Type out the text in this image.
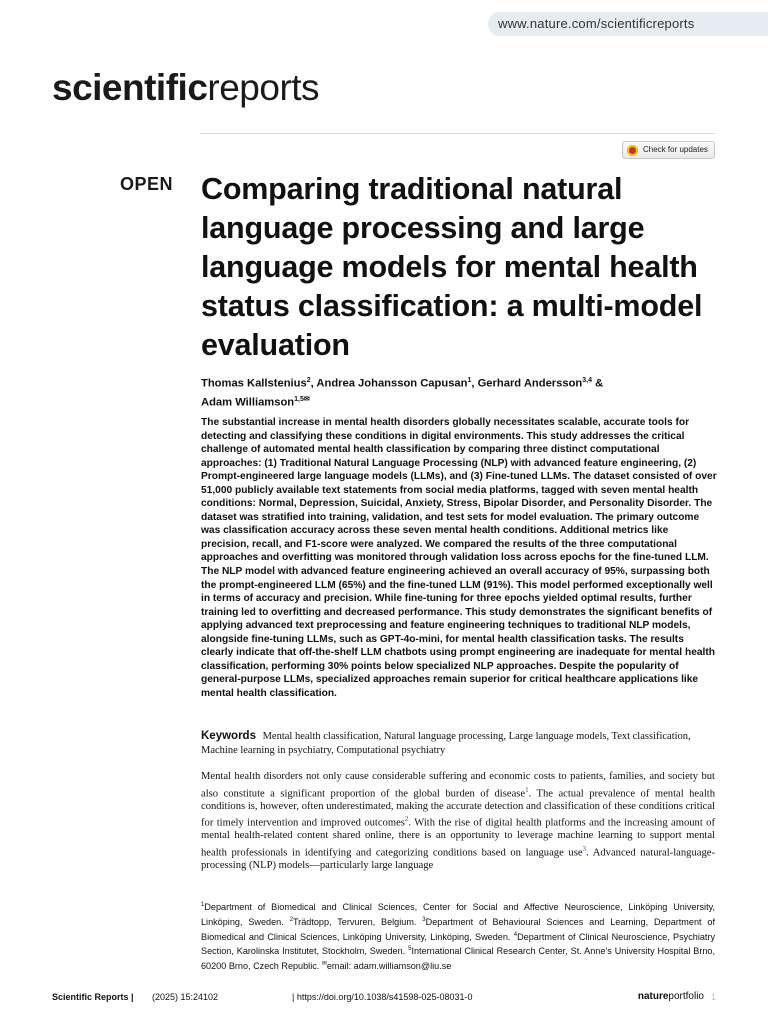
www.nature.com/scientificreports
scientificreports
Check for updates
OPEN Comparing traditional natural language processing and large language models for mental health status classification: a multi-model evaluation
Thomas Kallstenius$^2$, Andrea Johansson Capusan$^1$, Gerhard Andersson$^{3,4}$ &
Adam Williamson$^{1,5✉}$

The substantial increase in mental health disorders globally necessitates scalable, accurate tools for detecting and classifying these conditions in digital environments. This study addresses the critical challenge of automated mental health classification by comparing three distinct computational approaches: (1) Traditional Natural Language Processing (NLP) with advanced feature engineering, (2) Prompt-engineered large language models (LLMs), and (3) Fine-tuned LLMs. The dataset consisted of over 51,000 publicly available text statements from social media platforms, tagged with seven mental health conditions: Normal, Depression, Suicidal, Anxiety, Stress, Bipolar Disorder, and Personality Disorder. The dataset was stratified into training, validation, and test sets for model evaluation. The primary outcome was classification accuracy across these seven mental health conditions. Additional metrics like precision, recall, and F1-score were analyzed. We compared the results of the three computational approaches and overfitting was monitored through validation loss across epochs for the fine-tuned LLM. The NLP model with advanced feature engineering achieved an overall accuracy of 95%, surpassing both the prompt-engineered LLM (65%) and the fine-tuned LLM (91%). This model performed exceptionally well in terms of accuracy and precision. While fine-tuning for three epochs yielded optimal results, further training led to overfitting and decreased performance. This study demonstrates the significant benefits of applying advanced text preprocessing and feature engineering techniques to traditional NLP models, alongside fine-tuning LLMs, such as GPT-4o-mini, for mental health classification tasks. The results clearly indicate that off-the-shelf LLM chatbots using prompt engineering are inadequate for mental health classification, performing 30% points below specialized NLP approaches. Despite the popularity of general-purpose LLMs, specialized approaches remain superior for critical healthcare applications like mental health classification.

Keywords Mental health classification, Natural language processing, Large language models, Text classification, Machine learning in psychiatry, Computational psychiatry

Mental health disorders not only cause considerable suffering and economic costs to patients, families, and society but also constitute a significant proportion of the global burden of disease$^1$. The actual prevalence of mental health conditions is, however, often underestimated, making the accurate detection and classification of these conditions critical for timely intervention and improved outcomes$^2$. With the rise of digital health platforms and the increasing amount of mental health-related content shared online, there is an opportunity to leverage machine learning to support mental health professionals in identifying and categorizing conditions based on language use$^3$. Advanced natural-language-processing (NLP) models—particularly large language

$^1$Department of Biomedical and Clinical Sciences, Center for Social and Affective Neuroscience, Linköping University, Linköping, Sweden. $^2$Trädtopp, Tervuren, Belgium. $^3$Department of Behavioural Sciences and Learning, Department of Biomedical and Clinical Sciences, Linköping University, Linköping, Sweden. $^4$Department of Clinical Neuroscience, Psychiatry Section, Karolinska Institutet, Stockholm, Sweden. $^5$International Clinical Research Center, St. Anne’s University Hospital Brno, 60200 Brno, Czech Republic. ✉email: adam.williamson@liu.se

Scientific Reports | (2025) 15:24102	| https://doi.org/10.1038/s41598-025-08031-0	natureportfolio 1
